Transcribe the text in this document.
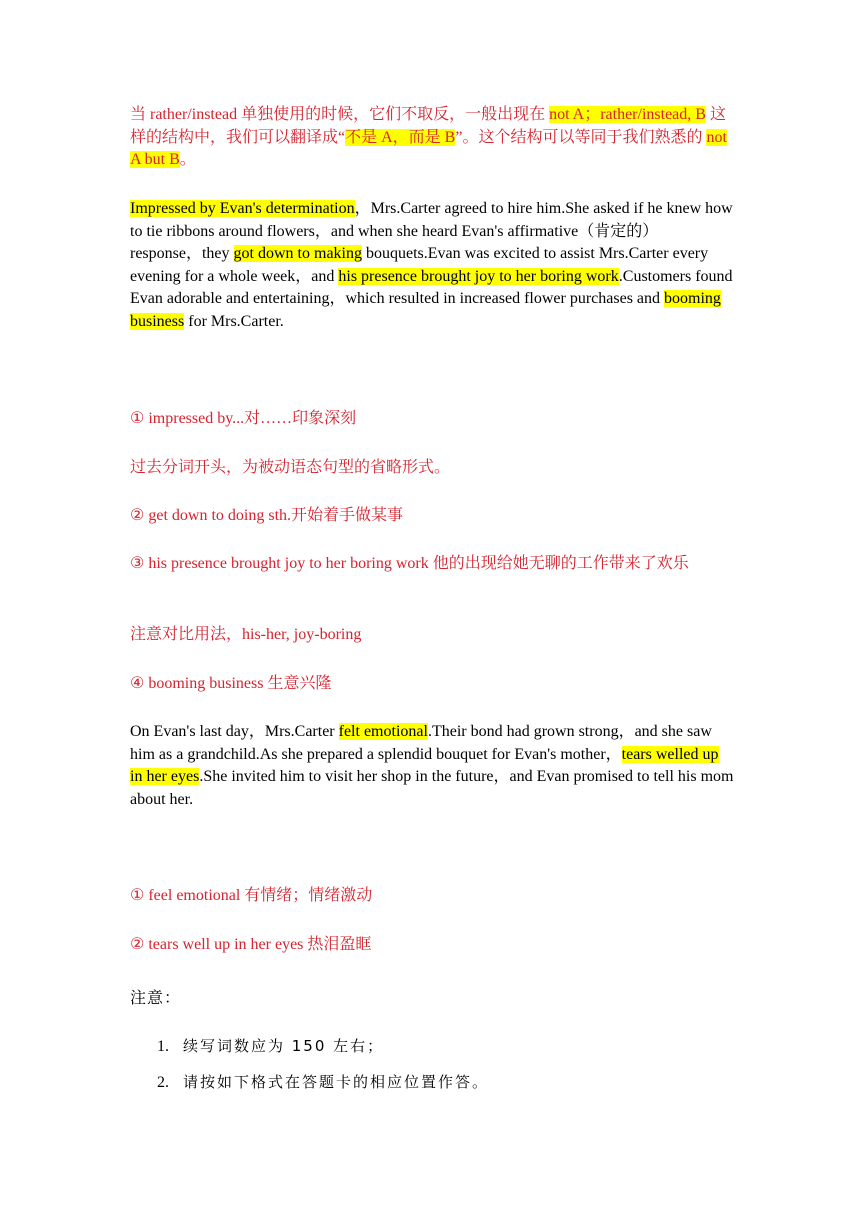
当 rather/instead 单独使用的时候，它们不取反，一般出现在 not A；rather/instead, B 这样的结构中，我们可以翻译成“不是 A，而是 B”。这个结构可以等同于我们熟悉的 not A but B。

Impressed by Evan's determination，Mrs.Carter agreed to hire him.She asked if he knew how to tie ribbons around flowers，and when she heard Evan's affirmative（肯定的） response，they got down to making bouquets.Evan was excited to assist Mrs.Carter every evening for a whole week，and his presence brought joy to her boring work.Customers found Evan adorable and entertaining，which resulted in increased flower purchases and booming business for Mrs.Carter.

① impressed by...对……印象深刻

过去分词开头，为被动语态句型的省略形式。

② get down to doing sth.开始着手做某事

③ his presence brought joy to her boring work 他的出现给她无聊的工作带来了欢乐

注意对比用法，his-her, joy-boring

④ booming business 生意兴隆

On Evan's last day，Mrs.Carter felt emotional.Their bond had grown strong，and she saw him as a grandchild.As she prepared a splendid bouquet for Evan's mother，tears welled up in her eyes.She invited him to visit her shop in the future，and Evan promised to tell his mom about her.

① feel emotional 有情绪；情绪激动

② tears well up in her eyes 热泪盈眶

注意：
1. 续写词数应为 150 左右；
2. 请按如下格式在答题卡的相应位置作答。
